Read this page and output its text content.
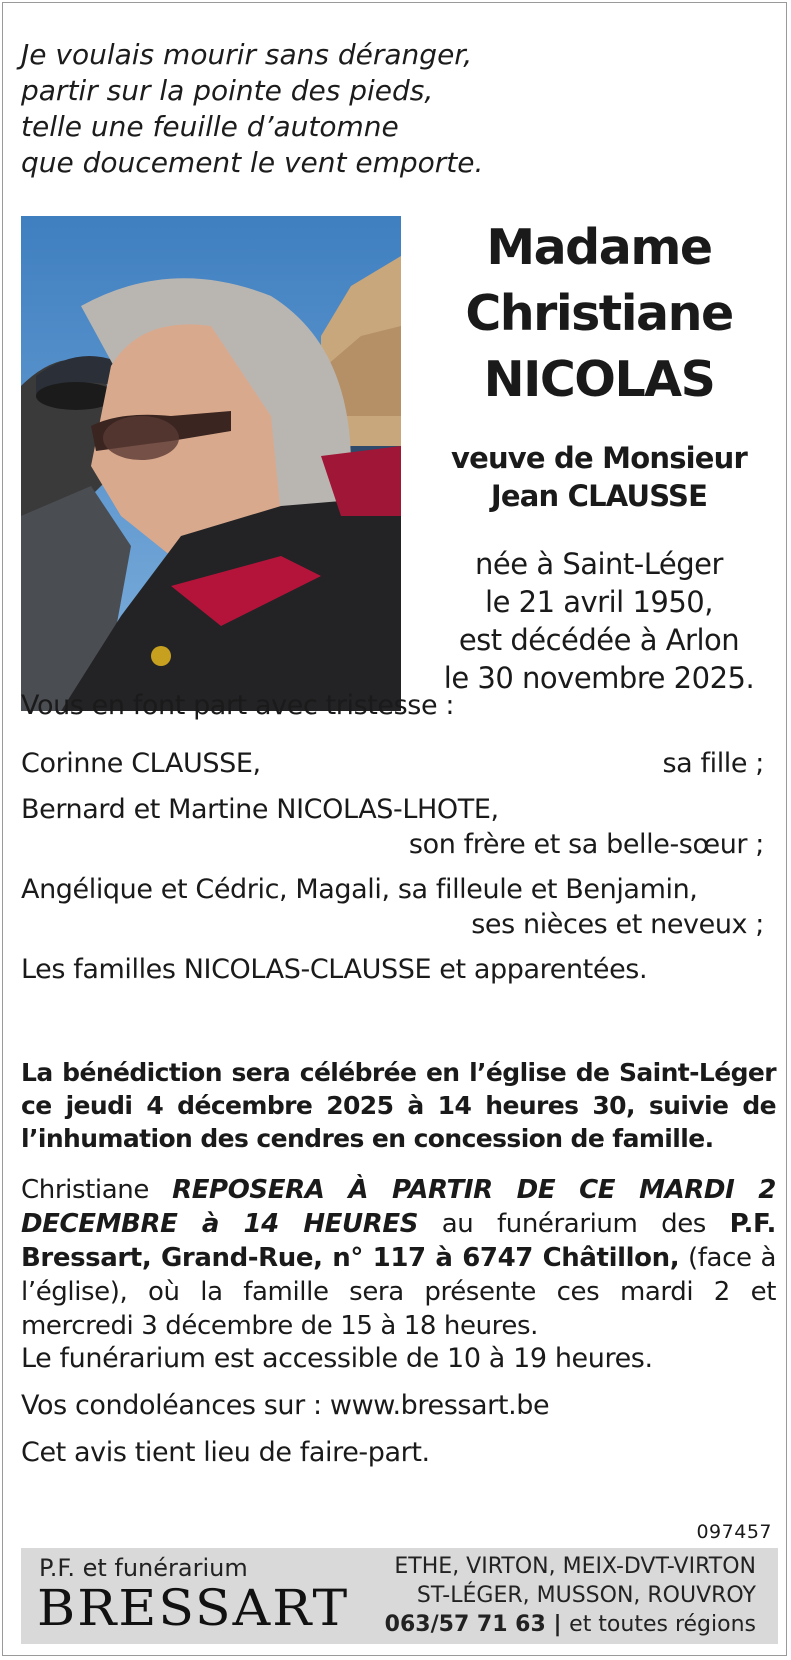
Je voulais mourir sans déranger,
partir sur la pointe des pieds,
telle une feuille d’automne
que doucement le vent emporte.
Madame
Christiane
NICOLAS
veuve de Monsieur
Jean CLAUSSE
née à Saint-Léger
le 21 avril 1950,
est décédée à Arlon
le 30 novembre 2025.
Vous en font part avec tristesse :
Corinne CLAUSSE,	sa fille ;
Bernard et Martine NICOLAS-LHOTE,
son frère et sa belle-sœur ;
Angélique et Cédric, Magali, sa filleule et Benjamin,
ses nièces et neveux ;
Les familles NICOLAS-CLAUSSE et apparentées.
La bénédiction sera célébrée en l’église de Saint-Léger ce jeudi 4 décembre 2025 à 14 heures 30, suivie de l’inhumation des cendres en concession de famille.
Christiane REPOSERA À PARTIR DE CE MARDI 2 DECEMBRE à 14 HEURES au funérarium des P.F. Bressart, Grand-Rue, n° 117 à 6747 Châtillon, (face à l’église), où la famille sera présente ces mardi 2 et mercredi 3 décembre de 15 à 18 heures.
Le funérarium est accessible de 10 à 19 heures.
Vos condoléances sur : www.bressart.be
Cet avis tient lieu de faire-part.
097457
P.F. et funérarium
BRESSART
ETHE, VIRTON, MEIX-DVT-VIRTON
ST-LÉGER, MUSSON, ROUVROY
063/57 71 63 | et toutes régions
